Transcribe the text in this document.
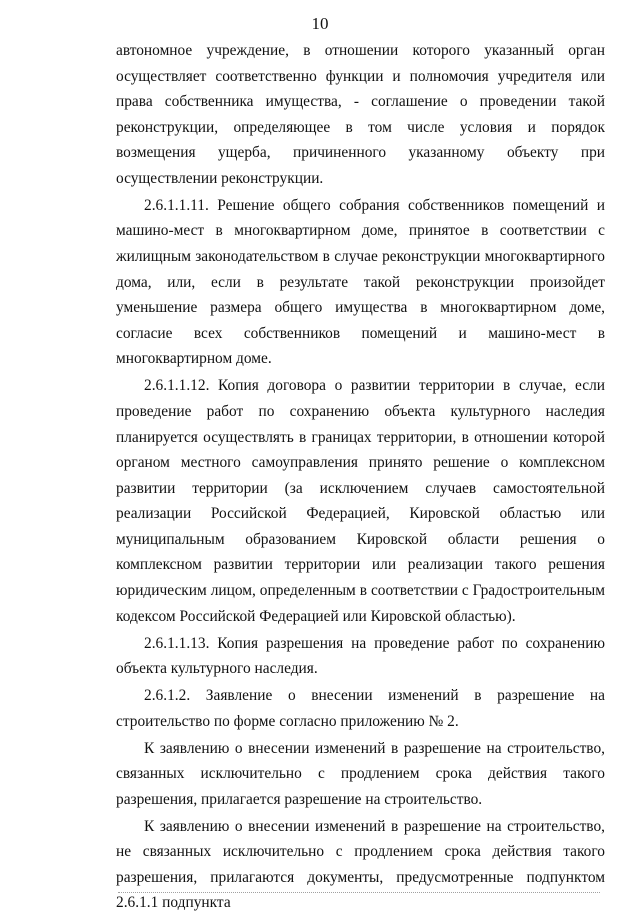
10

автономное учреждение, в отношении которого указанный орган осуществляет соответственно функции и полномочия учредителя или права собственника имущества, - соглашение о проведении такой реконструкции, определяющее в том числе условия и порядок возмещения ущерба, причиненного указанному объекту при осуществлении реконструкции.

2.6.1.1.11. Решение общего собрания собственников помещений и машино-мест в многоквартирном доме, принятое в соответствии с жилищным законодательством в случае реконструкции многоквартирного дома, или, если в результате такой реконструкции произойдет уменьшение размера общего имущества в многоквартирном доме, согласие всех собственников помещений и машино-мест в многоквартирном доме.

2.6.1.1.12. Копия договора о развитии территории в случае, если проведение работ по сохранению объекта культурного наследия планируется осуществлять в границах территории, в отношении которой органом местного самоуправления принято решение о комплексном развитии территории (за исключением случаев самостоятельной реализации Российской Федерацией, Кировской областью или муниципальным образованием Кировской области решения о комплексном развитии территории или реализации такого решения юридическим лицом, определенным в соответствии с Градостроительным кодексом Российской Федерацией или Кировской областью).

2.6.1.1.13. Копия разрешения на проведение работ по сохранению объекта культурного наследия.

2.6.1.2. Заявление о внесении изменений в разрешение на строительство по форме согласно приложению № 2.

К заявлению о внесении изменений в разрешение на строительство, связанных исключительно с продлением срока действия такого разрешения, прилагается разрешение на строительство.

К заявлению о внесении изменений в разрешение на строительство, не связанных исключительно с продлением срока действия такого разрешения, прилагаются документы, предусмотренные подпунктом 2.6.1.1 подпункта
